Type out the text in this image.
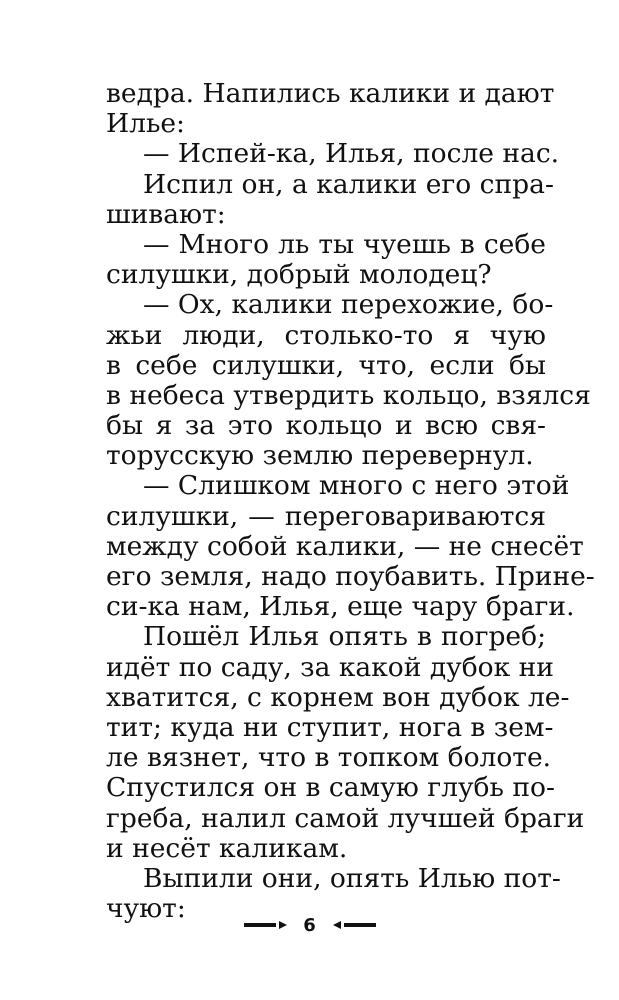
ведра. Напились калики и дают
Илье:
— Испей-ка, Илья, после нас.
Испил он, а калики его спра-
шивают:
— Много ль ты чуешь в себе
силушки, добрый молодец?
— Ох, калики перехожие, бо-
жьи люди, столько-то я чую
в себе силушки, что, если бы
в небеса утвердить кольцо, взялся
бы я за это кольцо и всю свя-
торусскую землю перевернул.
— Слишком много с него этой
силушки, — переговариваются
между собой калики, — не снесёт
его земля, надо поубавить. Прине-
си-ка нам, Илья, еще чару браги.
Пошёл Илья опять в погреб;
идёт по саду, за какой дубок ни
хватится, с корнем вон дубок ле-
тит; куда ни ступит, нога в зем-
ле вязнет, что в топком болоте.
Спустился он в самую глубь по-
греба, налил самой лучшей браги
и несёт каликам.
Выпили они, опять Илью пот-
чуют:
6
